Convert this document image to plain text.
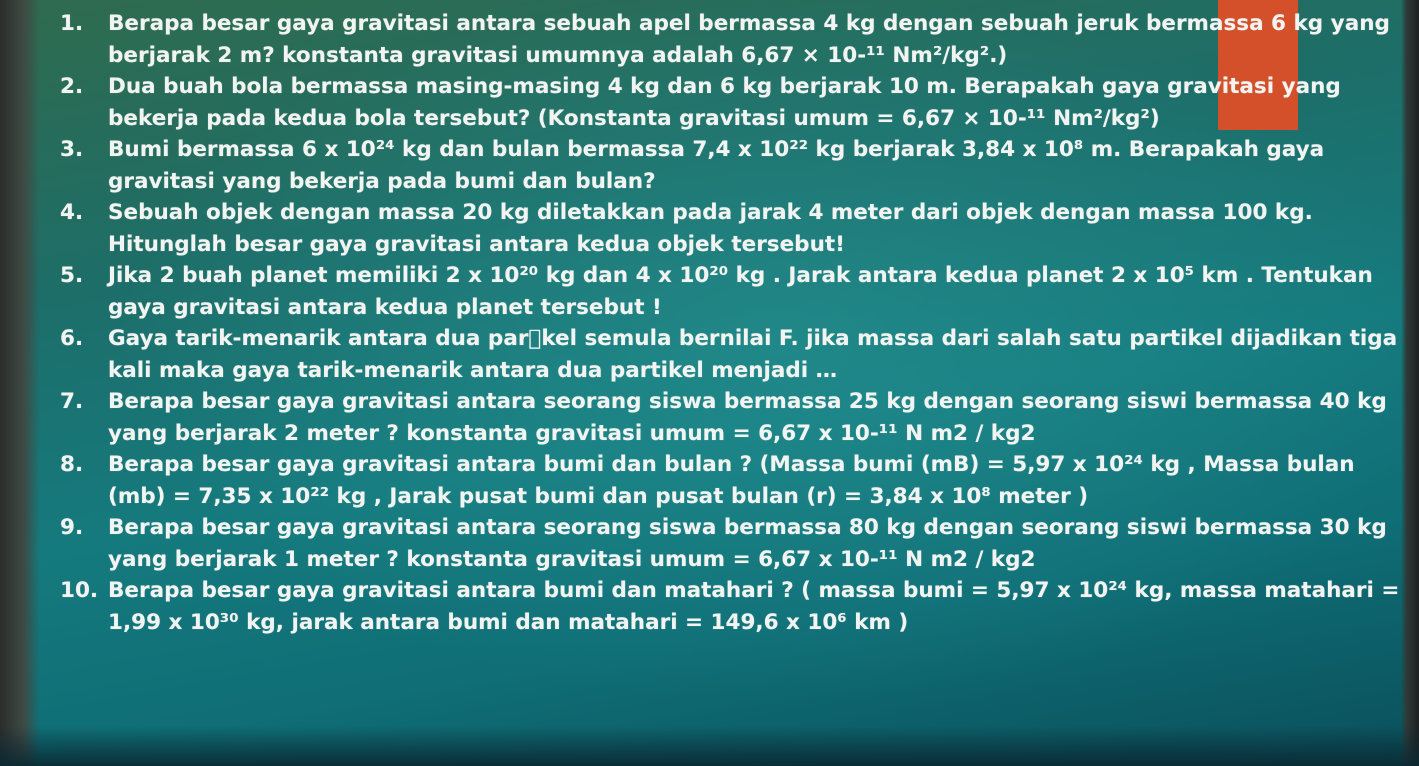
1.	Berapa besar gaya gravitasi antara sebuah apel bermassa 4 kg dengan sebuah jeruk bermassa 6 kg yang berjarak 2 m? konstanta gravitasi umumnya adalah 6,67 × 10-¹¹ Nm²/kg².)
2.	Dua buah bola bermassa masing-masing 4 kg dan 6 kg berjarak 10 m. Berapakah gaya gravitasi yang bekerja pada kedua bola tersebut? (Konstanta gravitasi umum = 6,67 × 10-¹¹ Nm²/kg²)
3.	Bumi bermassa 6 x 10²⁴ kg dan bulan bermassa 7,4 x 10²² kg berjarak 3,84 x 10⁸ m. Berapakah gaya gravitasi yang bekerja pada bumi dan bulan?
4.	Sebuah objek dengan massa 20 kg diletakkan pada jarak 4 meter dari objek dengan massa 100 kg. Hitunglah besar gaya gravitasi antara kedua objek tersebut!
5.	Jika 2 buah planet memiliki 2 x 10²⁰ kg dan 4 x 10²⁰ kg . Jarak antara kedua planet 2 x 10⁵ km . Tentukan gaya gravitasi antara kedua planet tersebut !
6.	Gaya tarik-menarik antara dua par kel semula bernilai F. jika massa dari salah satu partikel dijadikan tiga kali maka gaya tarik-menarik antara dua partikel menjadi …
7.	Berapa besar gaya gravitasi antara seorang siswa bermassa 25 kg dengan seorang siswi bermassa 40 kg yang berjarak 2 meter ? konstanta gravitasi umum = 6,67 x 10-¹¹ N m2 / kg2
8.	Berapa besar gaya gravitasi antara bumi dan bulan ? (Massa bumi (mB) = 5,97 x 10²⁴ kg , Massa bulan (mb) = 7,35 x 10²² kg , Jarak pusat bumi dan pusat bulan (r) = 3,84 x 10⁸ meter )
9.	Berapa besar gaya gravitasi antara seorang siswa bermassa 80 kg dengan seorang siswi bermassa 30 kg yang berjarak 1 meter ? konstanta gravitasi umum = 6,67 x 10-¹¹ N m2 / kg2
10. Berapa besar gaya gravitasi antara bumi dan matahari ? ( massa bumi = 5,97 x 10²⁴ kg, massa matahari = 1,99 x 10³⁰ kg, jarak antara bumi dan matahari = 149,6 x 10⁶ km )
